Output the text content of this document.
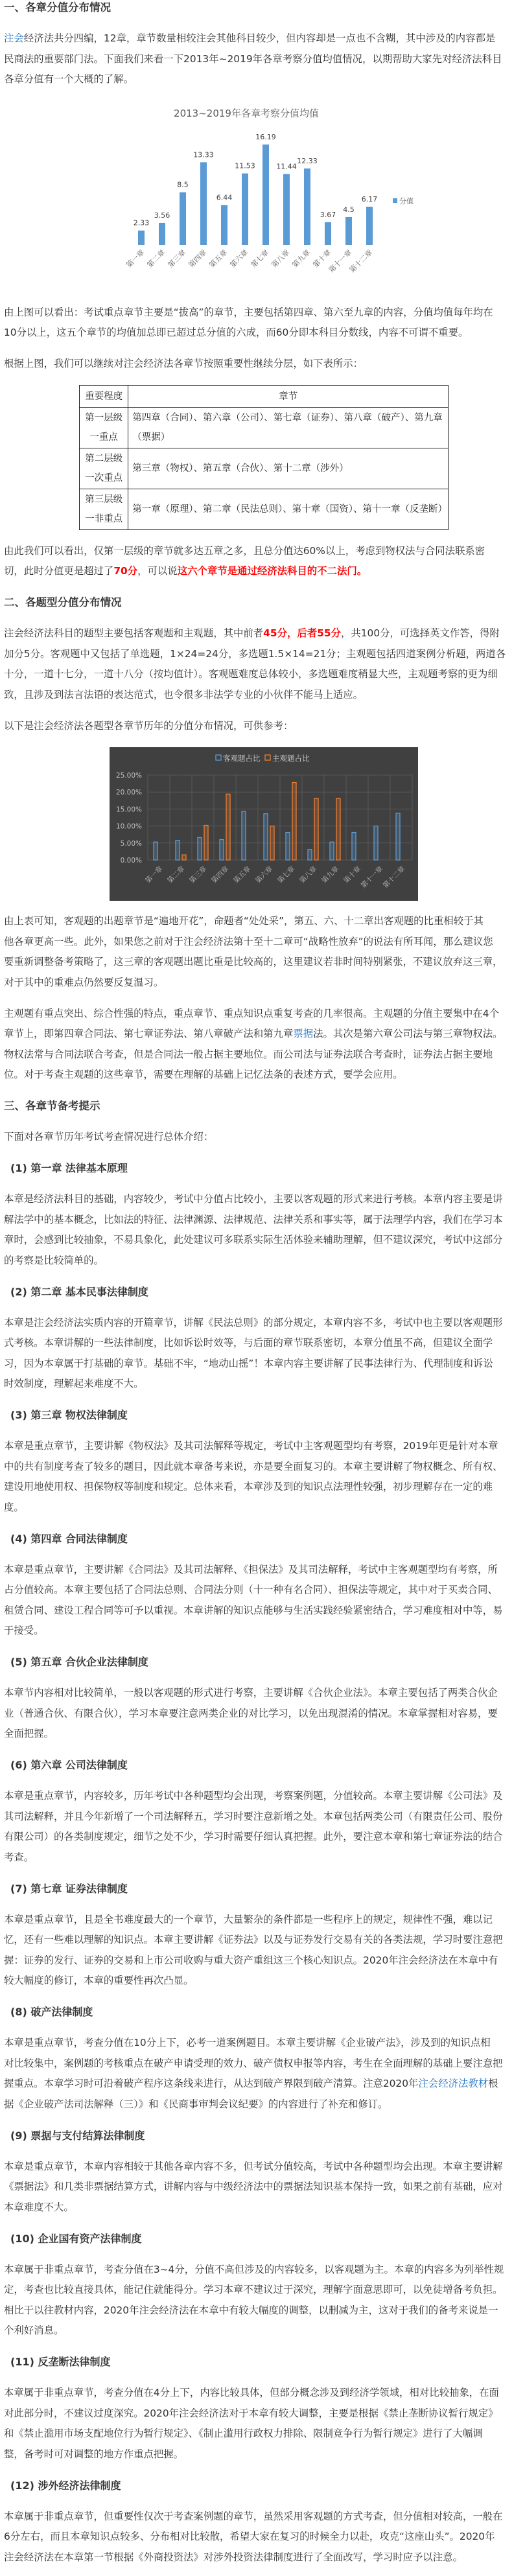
一、各章分值分布情况
注会经济法共分四编，12章，章节数量相较注会其他科目较少，但内容却是一点也不含糊，其中涉及的内容都是
民商法的重要部门法。下面我们来看一下2013年~2019年各章考察分值均值情况，以期帮助大家先对经济法科目
各章分值有一个大概的了解。
2013~2019年各章考察分值均值
2.33
第一章
3.56
第二章
8.5
第三章
13.33
第四章
6.44
第五章
11.53
第六章
16.19
第七章
11.44
第八章
12.33
第九章
3.67
第十章
4.5
第十一章
6.17
第十二章
分值
由上图可以看出：考试重点章节主要是“拔高”的章节，主要包括第四章、第六至九章的内容，分值均值每年均在
10分以上，这五个章节的均值加总即已超过总分值的六成，而60分即本科目分数线，内容不可谓不重要。
根据上图，我们可以继续对注会经济法各章节按照重要性继续分层，如下表所示：
重要程度	章节

第一层级
一重点	第四章（合同）、第六章（公司）、第七章（证券）、第八章（破产）、第九章
（票据）

第二层级
一次重点	第三章（物权）、第五章（合伙）、第十二章（涉外）

第三层级
一非重点	第一章（原理）、第二章（民法总则）、第十章（国资）、第十一章（反垄断）
由此我们可以看出，仅第一层级的章节就多达五章之多，且总分值达60%以上，考虑到物权法与合同法联系密
切，此时分值更是超过了70分，可以说这六个章节是通过经济法科目的不二法门。
二、各题型分值分布情况
注会经济法科目的题型主要包括客观题和主观题，其中前者45分，后者55分，共100分，可选择英文作答，得附
加分5分。客观题中又包括了单选题，1×24=24分，多选题1.5×14=21分；主观题包括四道案例分析题，两道各
十分，一道十七分，一道十八分（按均值计）。客观题难度总体较小，多选题难度稍显大些，主观题考察的更为细
致，且涉及到法言法语的表达范式，也令很多非法学专业的小伙伴不能马上适应。
以下是注会经济法各题型各章节历年的分值分布情况，可供参考：
0.00%
5.00%
10.00%
15.00%
20.00%
25.00%
第一章 第二章 第三章 第四章 第五章 第六章 第七章 第八章 第九章 第十章
第十一章
第十二章
客观题占比 主观题占比
由上表可知，客观题的出题章节是“遍地开花”，命题者“处处采”，第五、六、十二章出客观题的比重相较于其
他各章更高一些。此外，如果您之前对于注会经济法第十至十二章可“战略性放弃”的说法有所耳闻，那么建议您
要重新调整备考策略了，这三章的客观题出题比重是比较高的，这里建议若非时间特别紧张，不建议放弃这三章，
对于其中的重难点仍然要反复温习。
主观题有重点突出、综合性强的特点，重点章节、重点知识点重复考查的几率很高。主观题的分值主要集中在4个
章节上，即第四章合同法、第七章证券法、第八章破产法和第九章票据法。其次是第六章公司法与第三章物权法。
物权法常与合同法联合考查，但是合同法一般占据主要地位。而公司法与证券法联合考查时，证券法占据主要地
位。对于考查主观题的这些章节，需要在理解的基础上记忆法条的表述方式，要学会应用。
三、各章节备考提示
下面对各章节历年考试考查情况进行总体介绍：
(1) 第一章 法律基本原理
本章是经济法科目的基础，内容较少，考试中分值占比较小，主要以客观题的形式来进行考核。本章内容主要是讲
解法学中的基本概念，比如法的特征、法律渊源、法律规范、法律关系和事实等，属于法理学内容，我们在学习本
章时，会感到比较抽象，不易具象化，此处建议可多联系实际生活体验来辅助理解，但不建议深究，考试中这部分
的考察是比较简单的。
(2) 第二章 基本民事法律制度
本章是注会经济法实质内容的开篇章节，讲解《民法总则》的部分规定，本章内容不多，考试中也主要以客观题形
式考核。本章讲解的一些法律制度，比如诉讼时效等，与后面的章节联系密切，本章分值虽不高，但建议全面学
习，因为本章属于打基础的章节。基础不牢，“地动山摇”！本章内容主要讲解了民事法律行为、代理制度和诉讼
时效制度，理解起来难度不大。
(3) 第三章 物权法律制度
本章是重点章节，主要讲解《物权法》及其司法解释等规定，考试中主客观题型均有考察，2019年更是针对本章
中的共有制度考查了较多的题目，因此就本章备考来说，亦是要全面复习的。本章主要讲解了物权概念、所有权、
建设用地使用权、担保物权等制度和规定。总体来看，本章涉及到的知识点法理性较强，初步理解存在一定的难
度。
(4) 第四章 合同法律制度
本章是重点章节，主要讲解《合同法》及其司法解释、《担保法》及其司法解释，考试中主客观题型均有考察，所
占分值较高。本章主要包括了合同法总则、合同法分则（十一种有名合同）、担保法等规定，其中对于买卖合同、
租赁合同、建设工程合同等可予以重视。本章讲解的知识点能够与生活实践经验紧密结合，学习难度相对中等，易
于接受。
(5) 第五章 合伙企业法律制度
本章节内容相对比较简单，一般以客观题的形式进行考察，主要讲解《合伙企业法》。本章主要包括了两类合伙企
业（普通合伙、有限合伙），学习本章要注意两类企业的对比学习，以免出现混淆的情况。本章掌握相对容易，要
全面把握。
(6) 第六章 公司法律制度
本章是重点章节，内容较多，历年考试中各种题型均会出现，考察案例题，分值较高。本章主要讲解《公司法》及
其司法解释，并且今年新增了一个司法解释五，学习时要注意新增之处。本章包括两类公司（有限责任公司、股份
有限公司）的各类制度规定，细节之处不少，学习时需要仔细认真把握。此外，要注意本章和第七章证券法的结合
考查。
(7) 第七章 证券法律制度
本章是重点章节，且是全书难度最大的一个章节，大量繁杂的条件都是一些程序上的规定，规律性不强，难以记
忆，还有一些难以理解的知识点。本章主要讲解《证券法》以及与证券发行交易有关的各类法规，学习时要注意把
握：证券的发行、证券的交易和上市公司收购与重大资产重组这三个核心知识点。2020年注会经济法在本章中有
较大幅度的修订，本章的重要性再次凸显。
(8) 破产法律制度
本章是重点章节，考查分值在10分上下，必考一道案例题目。本章主要讲解《企业破产法》，涉及到的知识点相
对比较集中，案例题的考核重点在破产申请受理的效力、破产债权申报等内容，考生在全面理解的基础上要注意把
握重点。本章学习时可沿着破产程序这条线来进行，从达到破产界限到破产清算。注意2020年注会经济法教材根
据《企业破产法司法解释（三）》和《民商事审判会议纪要》的内容进行了补充和修订。
(9) 票据与支付结算法律制度
本章是重点章节，本章内容相较于其他各章内容不多，但考试分值较高，考试中各种题型均会出现。本章主要讲解
《票据法》和几类非票据结算方式，讲解内容与中级经济法中的票据法知识基本保持一致，如果之前有基础，应对
本章难度不大。
(10) 企业国有资产法律制度
本章属于非重点章节，考查分值在3~4分，分值不高但涉及的内容较多，以客观题为主。本章的内容多为列举性规
定，考查也比较直接具体，能记住就能得分。学习本章不建议过于深究，理解字面意思即可，以免徒增备考负担。
相比于以往教材内容，2020年注会经济法在本章中有较大幅度的调整，以删减为主，这对于我们的备考来说是一
个利好消息。
(11) 反垄断法律制度
本章属于非重点章节，考查分值在4分上下，内容比较具体，但部分概念涉及到经济学领域，相对比较抽象，在面
对此部分时，不建议过度深究。2020年注会经济法对于本章有较大调整，主要是根据《禁止垄断协议暂行规定》
和《禁止滥用市场支配地位行为暂行规定》、《制止滥用行政权力排除、限制竞争行为暂行规定》进行了大幅调
整，备考时可对调整的地方作重点把握。
(12) 涉外经济法律制度
本章属于非重点章节，但重要性仅次于考查案例题的章节，虽然采用客观题的方式考查，但分值相对较高，一般在
6分左右，而且本章知识点较多、分布相对比较散，希望大家在复习的时候全力以赴，攻克“这座山头”。2020年
注会经济法在本章第一节根据《外商投资法》对涉外投资法律制度进行了全面改写，学习时应予以注意。
